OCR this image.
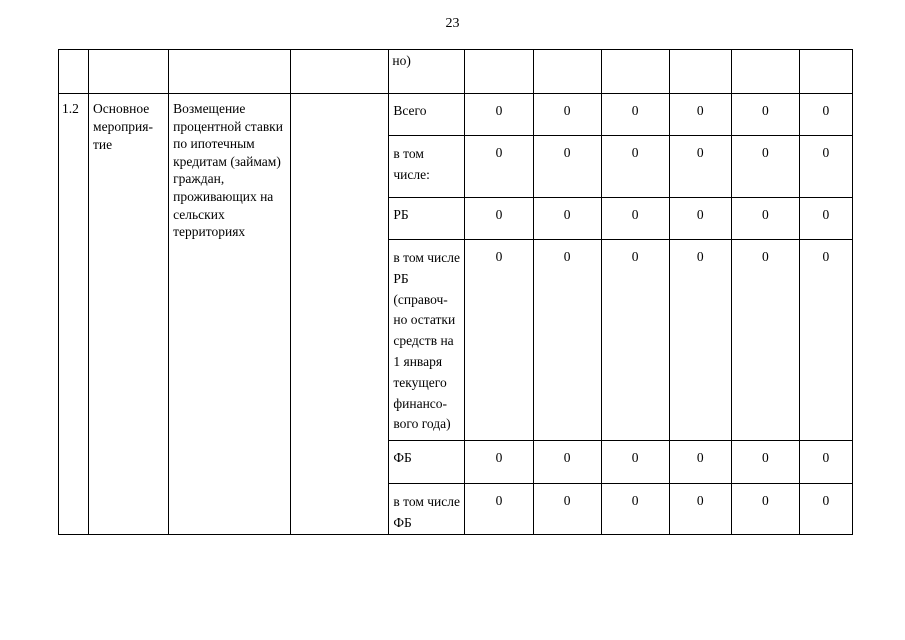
23
				но)						
1.2	Основное мероприя-тие	Возмещение процентной ставки по ипотечным кредитам (займам) граждан, проживающих на сельских территориях		Всего	0	0	0	0	0	0
				в том числе:	0	0	0	0	0	0
				РБ	0	0	0	0	0	0
				в том числе РБ (справоч-но остатки средств на 1 января текущего финансо-вого года)	0	0	0	0	0	0
				ФБ	0	0	0	0	0	0
				в том числе ФБ	0	0	0	0	0	0
